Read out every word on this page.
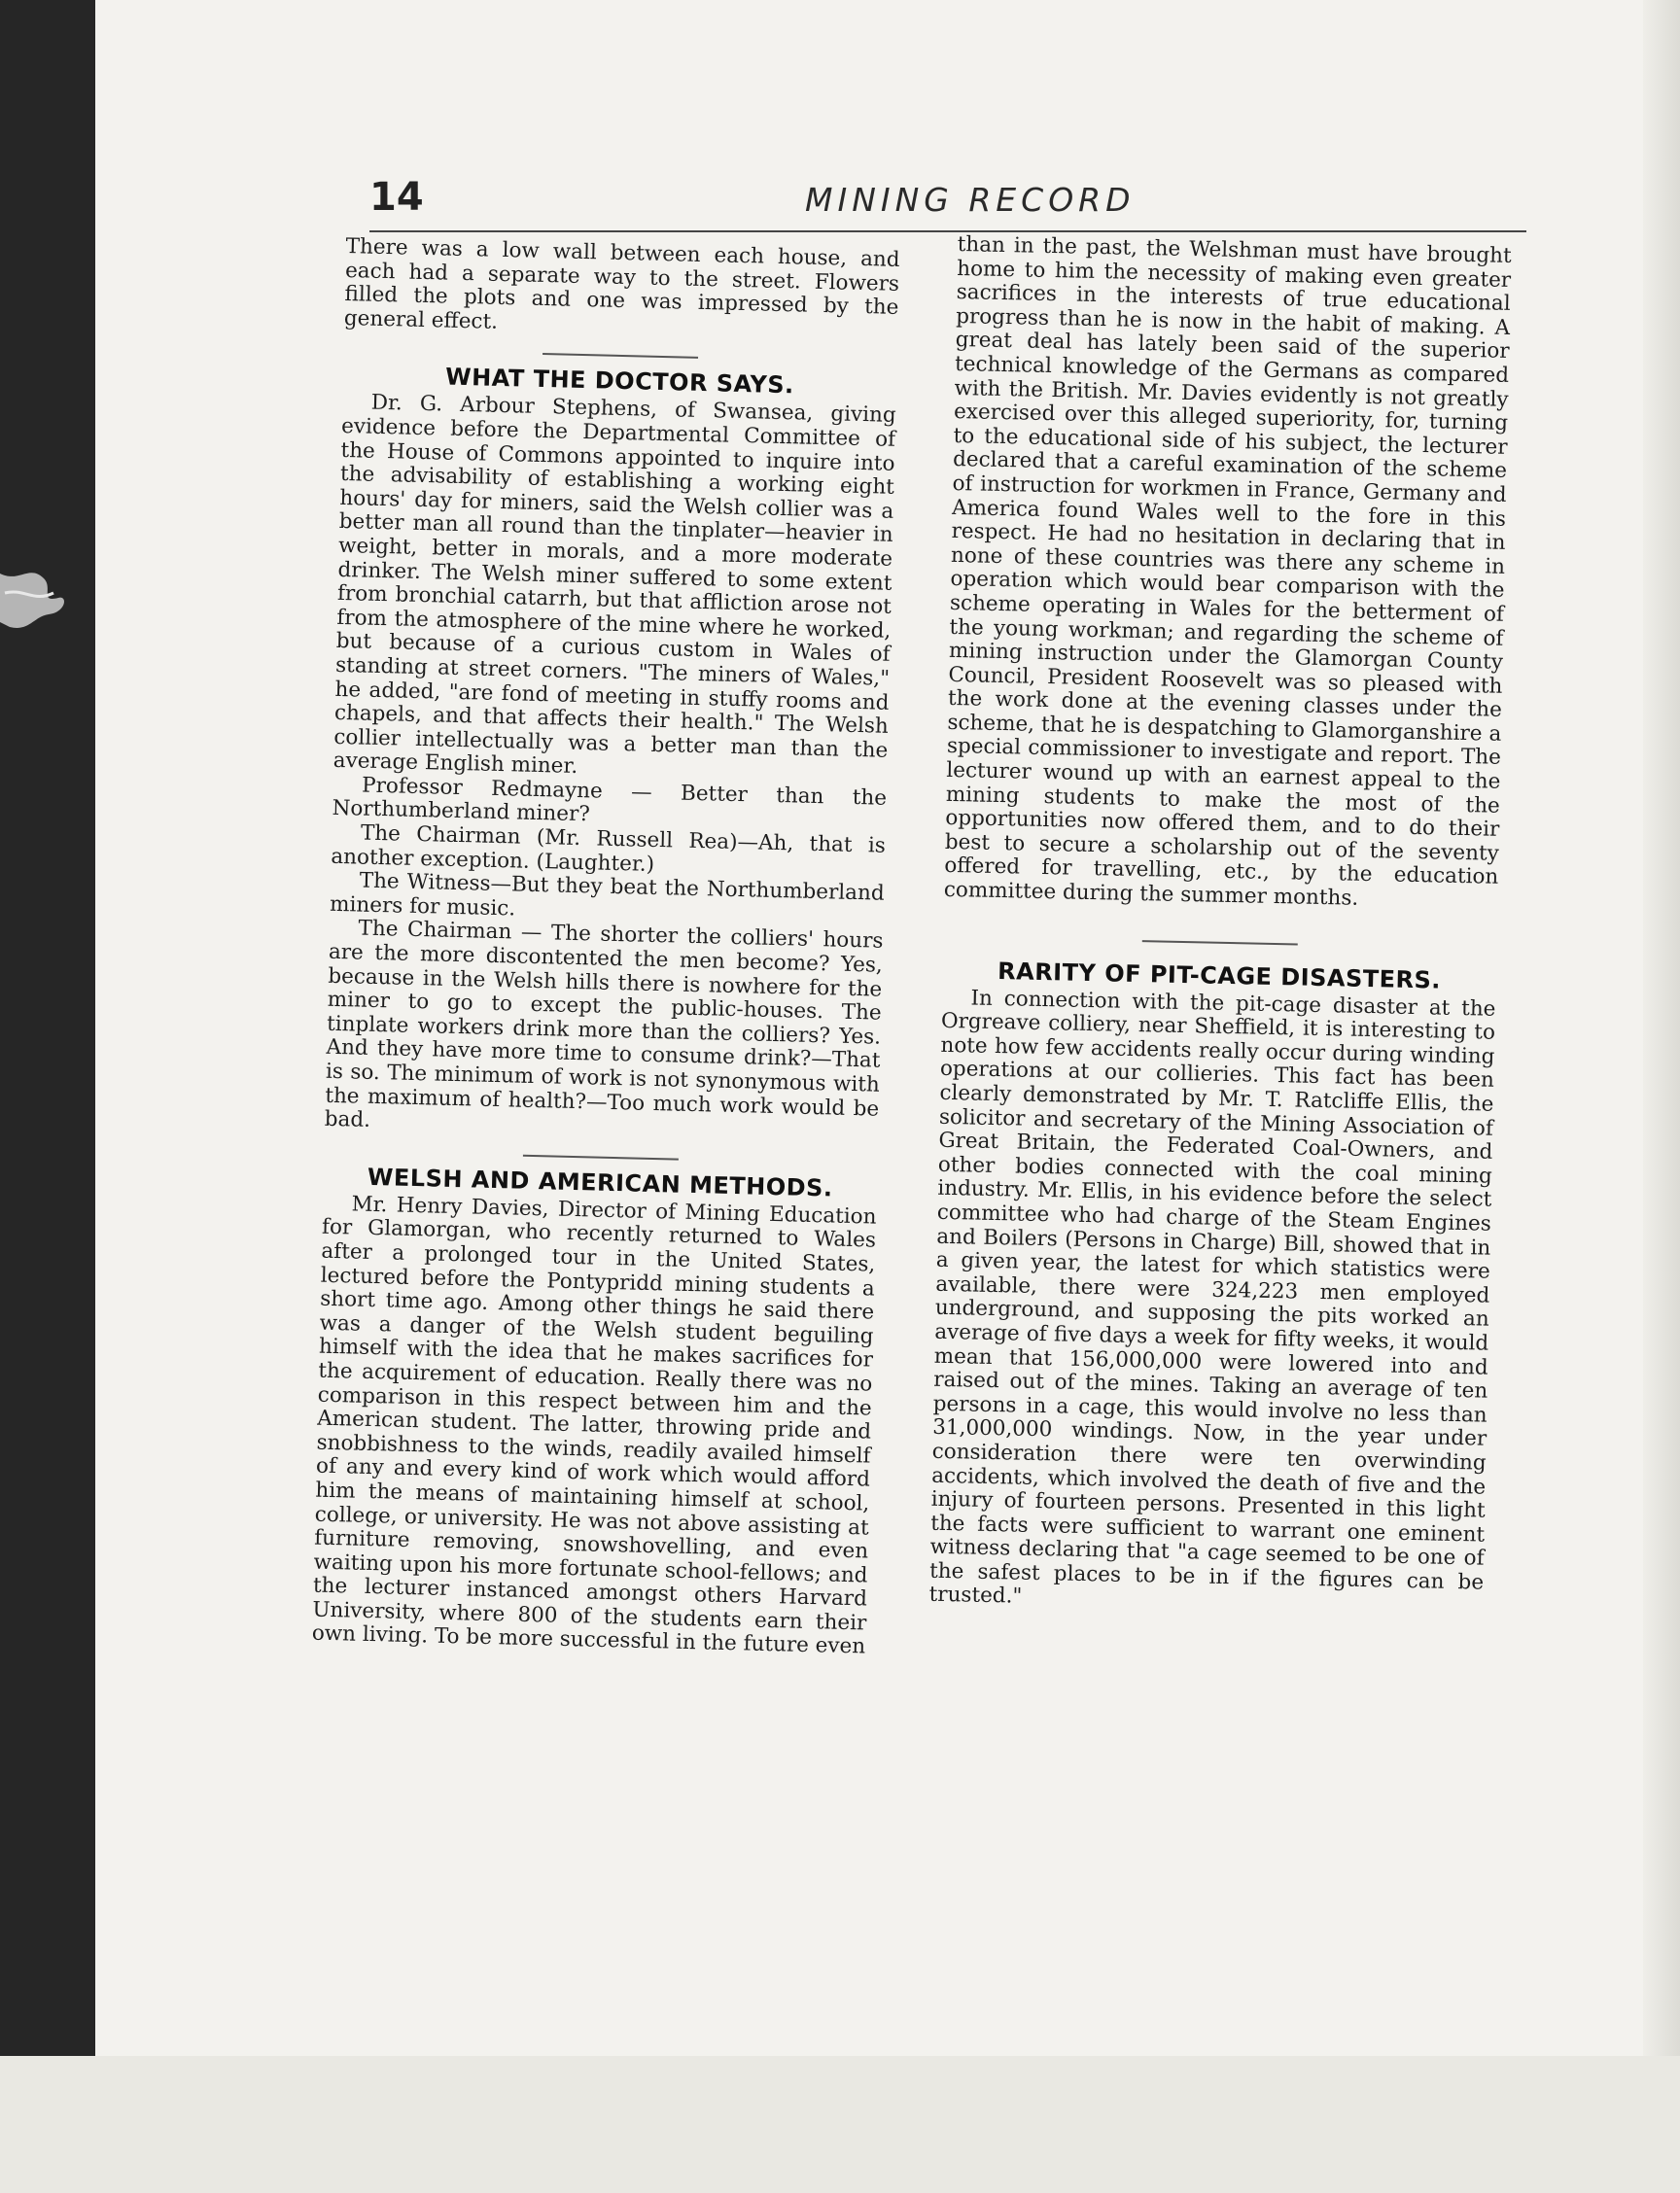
14	MINING RECORD

There was a low wall between each house, and each had a separate way to the street. Flowers filled the plots and one was impressed by the general effect.

WHAT THE DOCTOR SAYS.

Dr. G. Arbour Stephens, of Swansea, giving evidence before the Departmental Committee of the House of Commons appointed to inquire into the advisability of establishing a working eight hours' day for miners, said the Welsh collier was a better man all round than the tinplater—heavier in weight, better in morals, and a more moderate drinker. The Welsh miner suffered to some extent from bronchial catarrh, but that affliction arose not from the atmosphere of the mine where he worked, but because of a curious custom in Wales of standing at street corners. "The miners of Wales," he added, "are fond of meeting in stuffy rooms and chapels, and that affects their health." The Welsh collier intellectually was a better man than the average English miner.

Professor Redmayne — Better than the Northumberland miner?

The Chairman (Mr. Russell Rea)—Ah, that is another exception. (Laughter.)

The Witness—But they beat the Northumberland miners for music.

The Chairman — The shorter the colliers' hours are the more discontented the men become? Yes, because in the Welsh hills there is nowhere for the miner to go to except the public-houses. The tinplate workers drink more than the colliers? Yes. And they have more time to consume drink?—That is so. The minimum of work is not synonymous with the maximum of health?—Too much work would be bad.

WELSH AND AMERICAN METHODS.

Mr. Henry Davies, Director of Mining Education for Glamorgan, who recently returned to Wales after a prolonged tour in the United States, lectured before the Pontypridd mining students a short time ago. Among other things he said there was a danger of the Welsh student beguiling himself with the idea that he makes sacrifices for the acquirement of education. Really there was no comparison in this respect between him and the American student. The latter, throwing pride and snobbishness to the winds, readily availed himself of any and every kind of work which would afford him the means of maintaining himself at school, college, or university. He was not above assisting at furniture removing, snowshovelling, and even waiting upon his more fortunate school-fellows; and the lecturer instanced amongst others Harvard University, where 800 of the students earn their own living. To be more successful in the future even

than in the past, the Welshman must have brought home to him the necessity of making even greater sacrifices in the interests of true educational progress than he is now in the habit of making. A great deal has lately been said of the superior technical knowledge of the Germans as compared with the British. Mr. Davies evidently is not greatly exercised over this alleged superiority, for, turning to the educational side of his subject, the lecturer declared that a careful examination of the scheme of instruction for workmen in France, Germany and America found Wales well to the fore in this respect. He had no hesitation in declaring that in none of these countries was there any scheme in operation which would bear comparison with the scheme operating in Wales for the betterment of the young workman; and regarding the scheme of mining instruction under the Glamorgan County Council, President Roosevelt was so pleased with the work done at the evening classes under the scheme, that he is despatching to Glamorganshire a special commissioner to investigate and report. The lecturer wound up with an earnest appeal to the mining students to make the most of the opportunities now offered them, and to do their best to secure a scholarship out of the seventy offered for travelling, etc., by the education committee during the summer months.

RARITY OF PIT-CAGE DISASTERS.

In connection with the pit-cage disaster at the Orgreave colliery, near Sheffield, it is interesting to note how few accidents really occur during winding operations at our collieries. This fact has been clearly demonstrated by Mr. T. Ratcliffe Ellis, the solicitor and secretary of the Mining Association of Great Britain, the Federated Coal-Owners, and other bodies connected with the coal mining industry. Mr. Ellis, in his evidence before the select committee who had charge of the Steam Engines and Boilers (Persons in Charge) Bill, showed that in a given year, the latest for which statistics were available, there were 324,223 men employed underground, and supposing the pits worked an average of five days a week for fifty weeks, it would mean that 156,000,000 were lowered into and raised out of the mines. Taking an average of ten persons in a cage, this would involve no less than 31,000,000 windings. Now, in the year under consideration there were ten overwinding accidents, which involved the death of five and the injury of fourteen persons. Presented in this light the facts were sufficient to warrant one eminent witness declaring that "a cage seemed to be one of the safest places to be in if the figures can be trusted."
